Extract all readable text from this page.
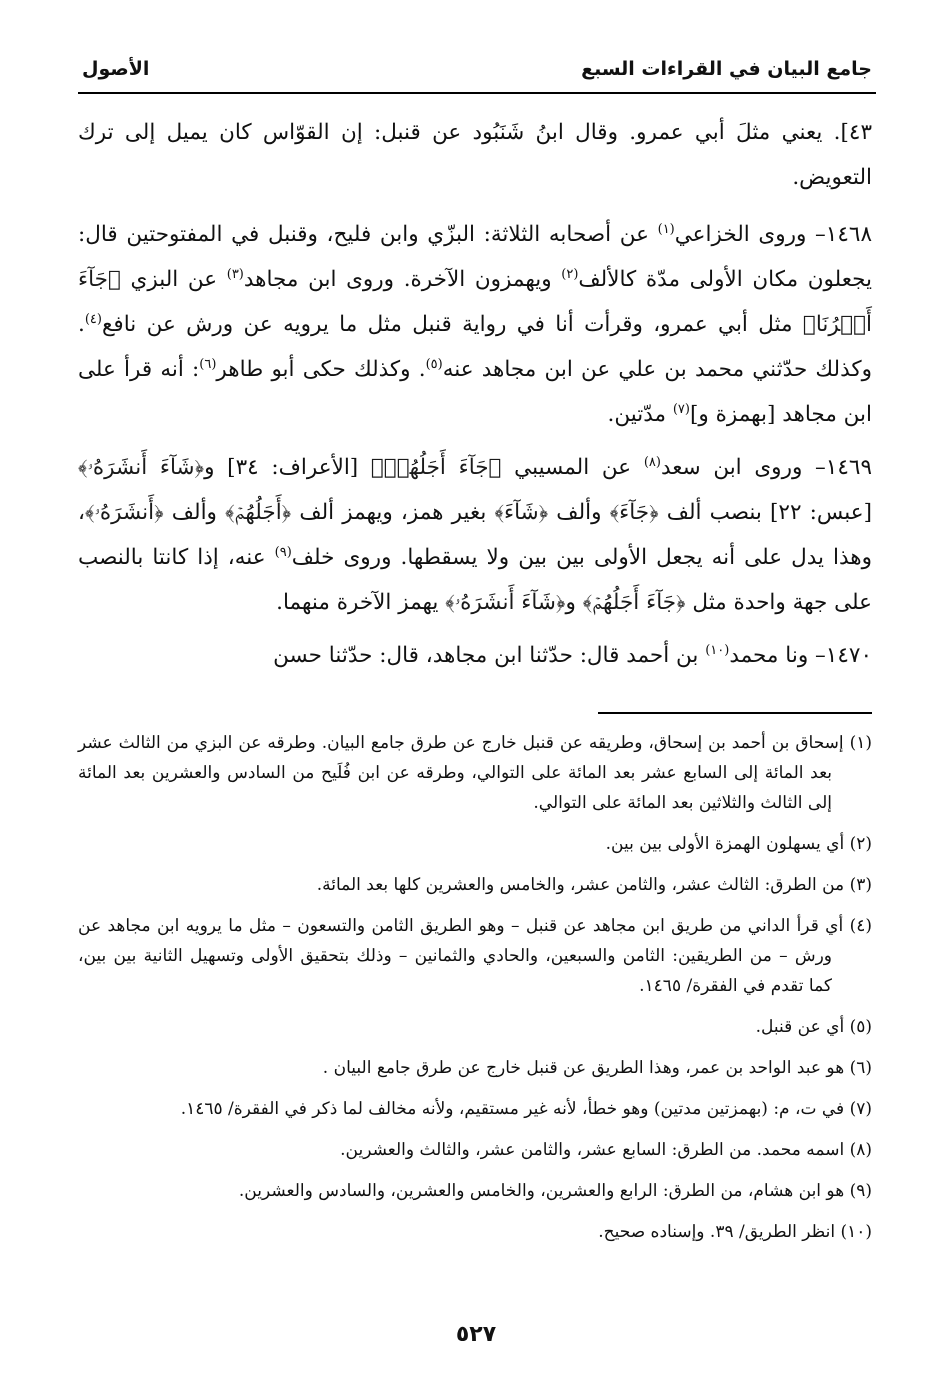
جامع البيان في القراءات السبع
الأصول

٤٣]. يعني مثلَ أبي عمرو. وقال ابنُ شَنَبُود عن قنبل: إن القوّاس كان يميل إلى ترك التعويض.

١٤٦٨– وروى الخزاعي$^{(١)}$ عن أصحابه الثلاثة: البزّي وابن فليح، وقنبل في المفتوحتين قال: يجعلون مكان الأولى مدّة كالألف$^{(٢)}$ ويهمزون الآخرة. وروى ابن مجاهد$^{(٣)}$ عن البزي ﴿جَآءَ أَمۡرُنَا﴾ مثل أبي عمرو، وقرأت أنا في رواية قنبل مثل ما يرويه عن ورش عن نافع$^{(٤)}$. وكذلك حدّثني محمد بن علي عن ابن مجاهد عنه$^{(٥)}$. وكذلك حكى أبو طاهر$^{(٦)}$: أنه قرأ على ابن مجاهد [بهمزة و]$^{(٧)}$ مدّتين.

١٤٦٩– وروى ابن سعد$^{(٨)}$ عن المسيبي ﴿جَآءَ أَجَلُهُمۡ﴾ [الأعراف: ٣٤] و﴿شَآءَ أَنشَرَهُۥ﴾ [عبس: ٢٢] بنصب ألف ﴿جَآءَ﴾ وألف ﴿شَآءَ﴾ بغير همز، ويهمز ألف ﴿أَجَلُهُمۡ﴾ وألف ﴿أَنشَرَهُۥ﴾، وهذا يدل على أنه يجعل الأولى بين بين ولا يسقطها. وروى خلف$^{(٩)}$ عنه، إذا كانتا بالنصب على جهة واحدة مثل ﴿جَآءَ أَجَلُهُمۡ﴾ و﴿شَآءَ أَنشَرَهُۥ﴾ يهمز الآخرة منهما.

١٤٧٠– ونا محمد$^{(١٠)}$ بن أحمد قال: حدّثنا ابن مجاهد، قال: حدّثنا حسن

(١) إسحاق بن أحمد بن إسحاق، وطريقه عن قنبل خارج عن طرق جامع البيان. وطرقه عن البزي من الثالث عشر بعد المائة إلى السابع عشر بعد المائة على التوالي، وطرقه عن ابن فُلَيح من السادس والعشرين بعد المائة إلى الثالث والثلاثين بعد المائة على التوالي.

(٢) أي يسهلون الهمزة الأولى بين بين.

(٣) من الطرق: الثالث عشر، والثامن عشر، والخامس والعشرين كلها بعد المائة.

(٤) أي قرأ الداني من طريق ابن مجاهد عن قنبل – وهو الطريق الثامن والتسعون – مثل ما يرويه ابن مجاهد عن ورش – من الطريقين: الثامن والسبعين، والحادي والثمانين – وذلك بتحقيق الأولى وتسهيل الثانية بين بين، كما تقدم في الفقرة/ ١٤٦٥.

(٥) أي عن قنبل.

(٦) هو عبد الواحد بن عمر، وهذا الطريق عن قنبل خارج عن طرق جامع البيان .

(٧) في ت، م: (بهمزتين مدتين) وهو خطأ، لأنه غير مستقيم، ولأنه مخالف لما ذكر في الفقرة/ ١٤٦٥.

(٨) اسمه محمد. من الطرق: السابع عشر، والثامن عشر، والثالث والعشرين.

(٩) هو ابن هشام، من الطرق: الرابع والعشرين، والخامس والعشرين، والسادس والعشرين.

(١٠) انظر الطريق/ ٣٩. وإسناده صحيح.

٥٢٧
